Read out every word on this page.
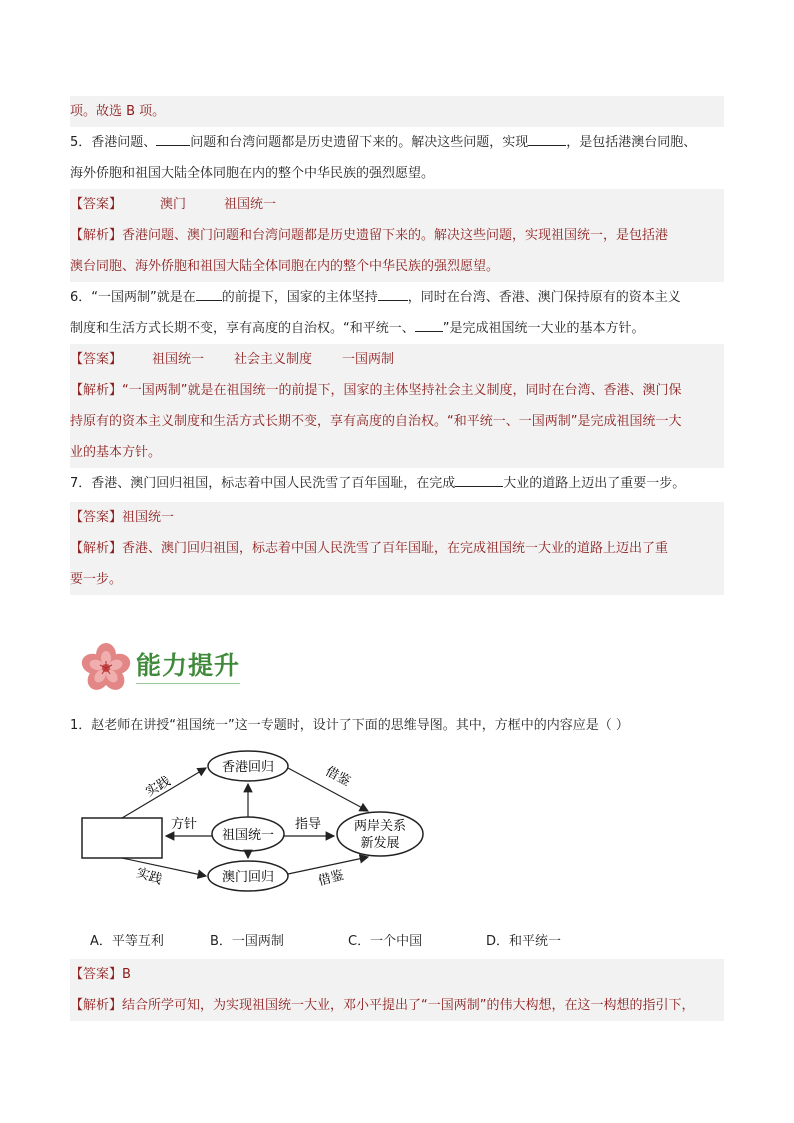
项。故选 B 项。
5．香港问题、	问题和台湾问题都是历史遗留下来的。解决这些问题，实现	，是包括港澳台同胞、
海外侨胞和祖国大陆全体同胞在内的整个中华民族的强烈愿望。
【答案】	澳门	祖国统一
【解析】香港问题、澳门问题和台湾问题都是历史遗留下来的。解决这些问题，实现祖国统一，是包括港
澳台同胞、海外侨胞和祖国大陆全体同胞在内的整个中华民族的强烈愿望。
6．“一国两制”就是在 的前提下，国家的主体坚持 ，同时在台湾、香港、澳门保持原有的资本主义
制度和生活方式长期不变，享有高度的自治权。“和平统一、 ”是完成祖国统一大业的基本方针。
【答案】 祖国统一 社会主义制度 一国两制
【解析】“一国两制”就是在祖国统一的前提下，国家的主体坚持社会主义制度，同时在台湾、香港、澳门保
持原有的资本主义制度和生活方式长期不变，享有高度的自治权。“和平统一、一国两制”是完成祖国统一大
业的基本方针。
7．香港、澳门回归祖国，标志着中国人民洗雪了百年国耻，在完成	大业的道路上迈出了重要一步。
【答案】祖国统一
【解析】香港、澳门回归祖国，标志着中国人民洗雪了百年国耻，在完成祖国统一大业的道路上迈出了重
要一步。
能力提升
1．赵老师在讲授“祖国统一”这一专题时，设计了下面的思维导图。其中，方框中的内容应是（ ）
香港回归
祖国统一
澳门回归
两岸关系
新发展
方针	指导
实践
实践
借鉴
借鉴
A．平等互利	B．一国两制	C．一个中国	D．和平统一
【答案】B
【解析】结合所学可知，为实现祖国统一大业，邓小平提出了“一国两制”的伟大构想，在这一构想的指引下，
